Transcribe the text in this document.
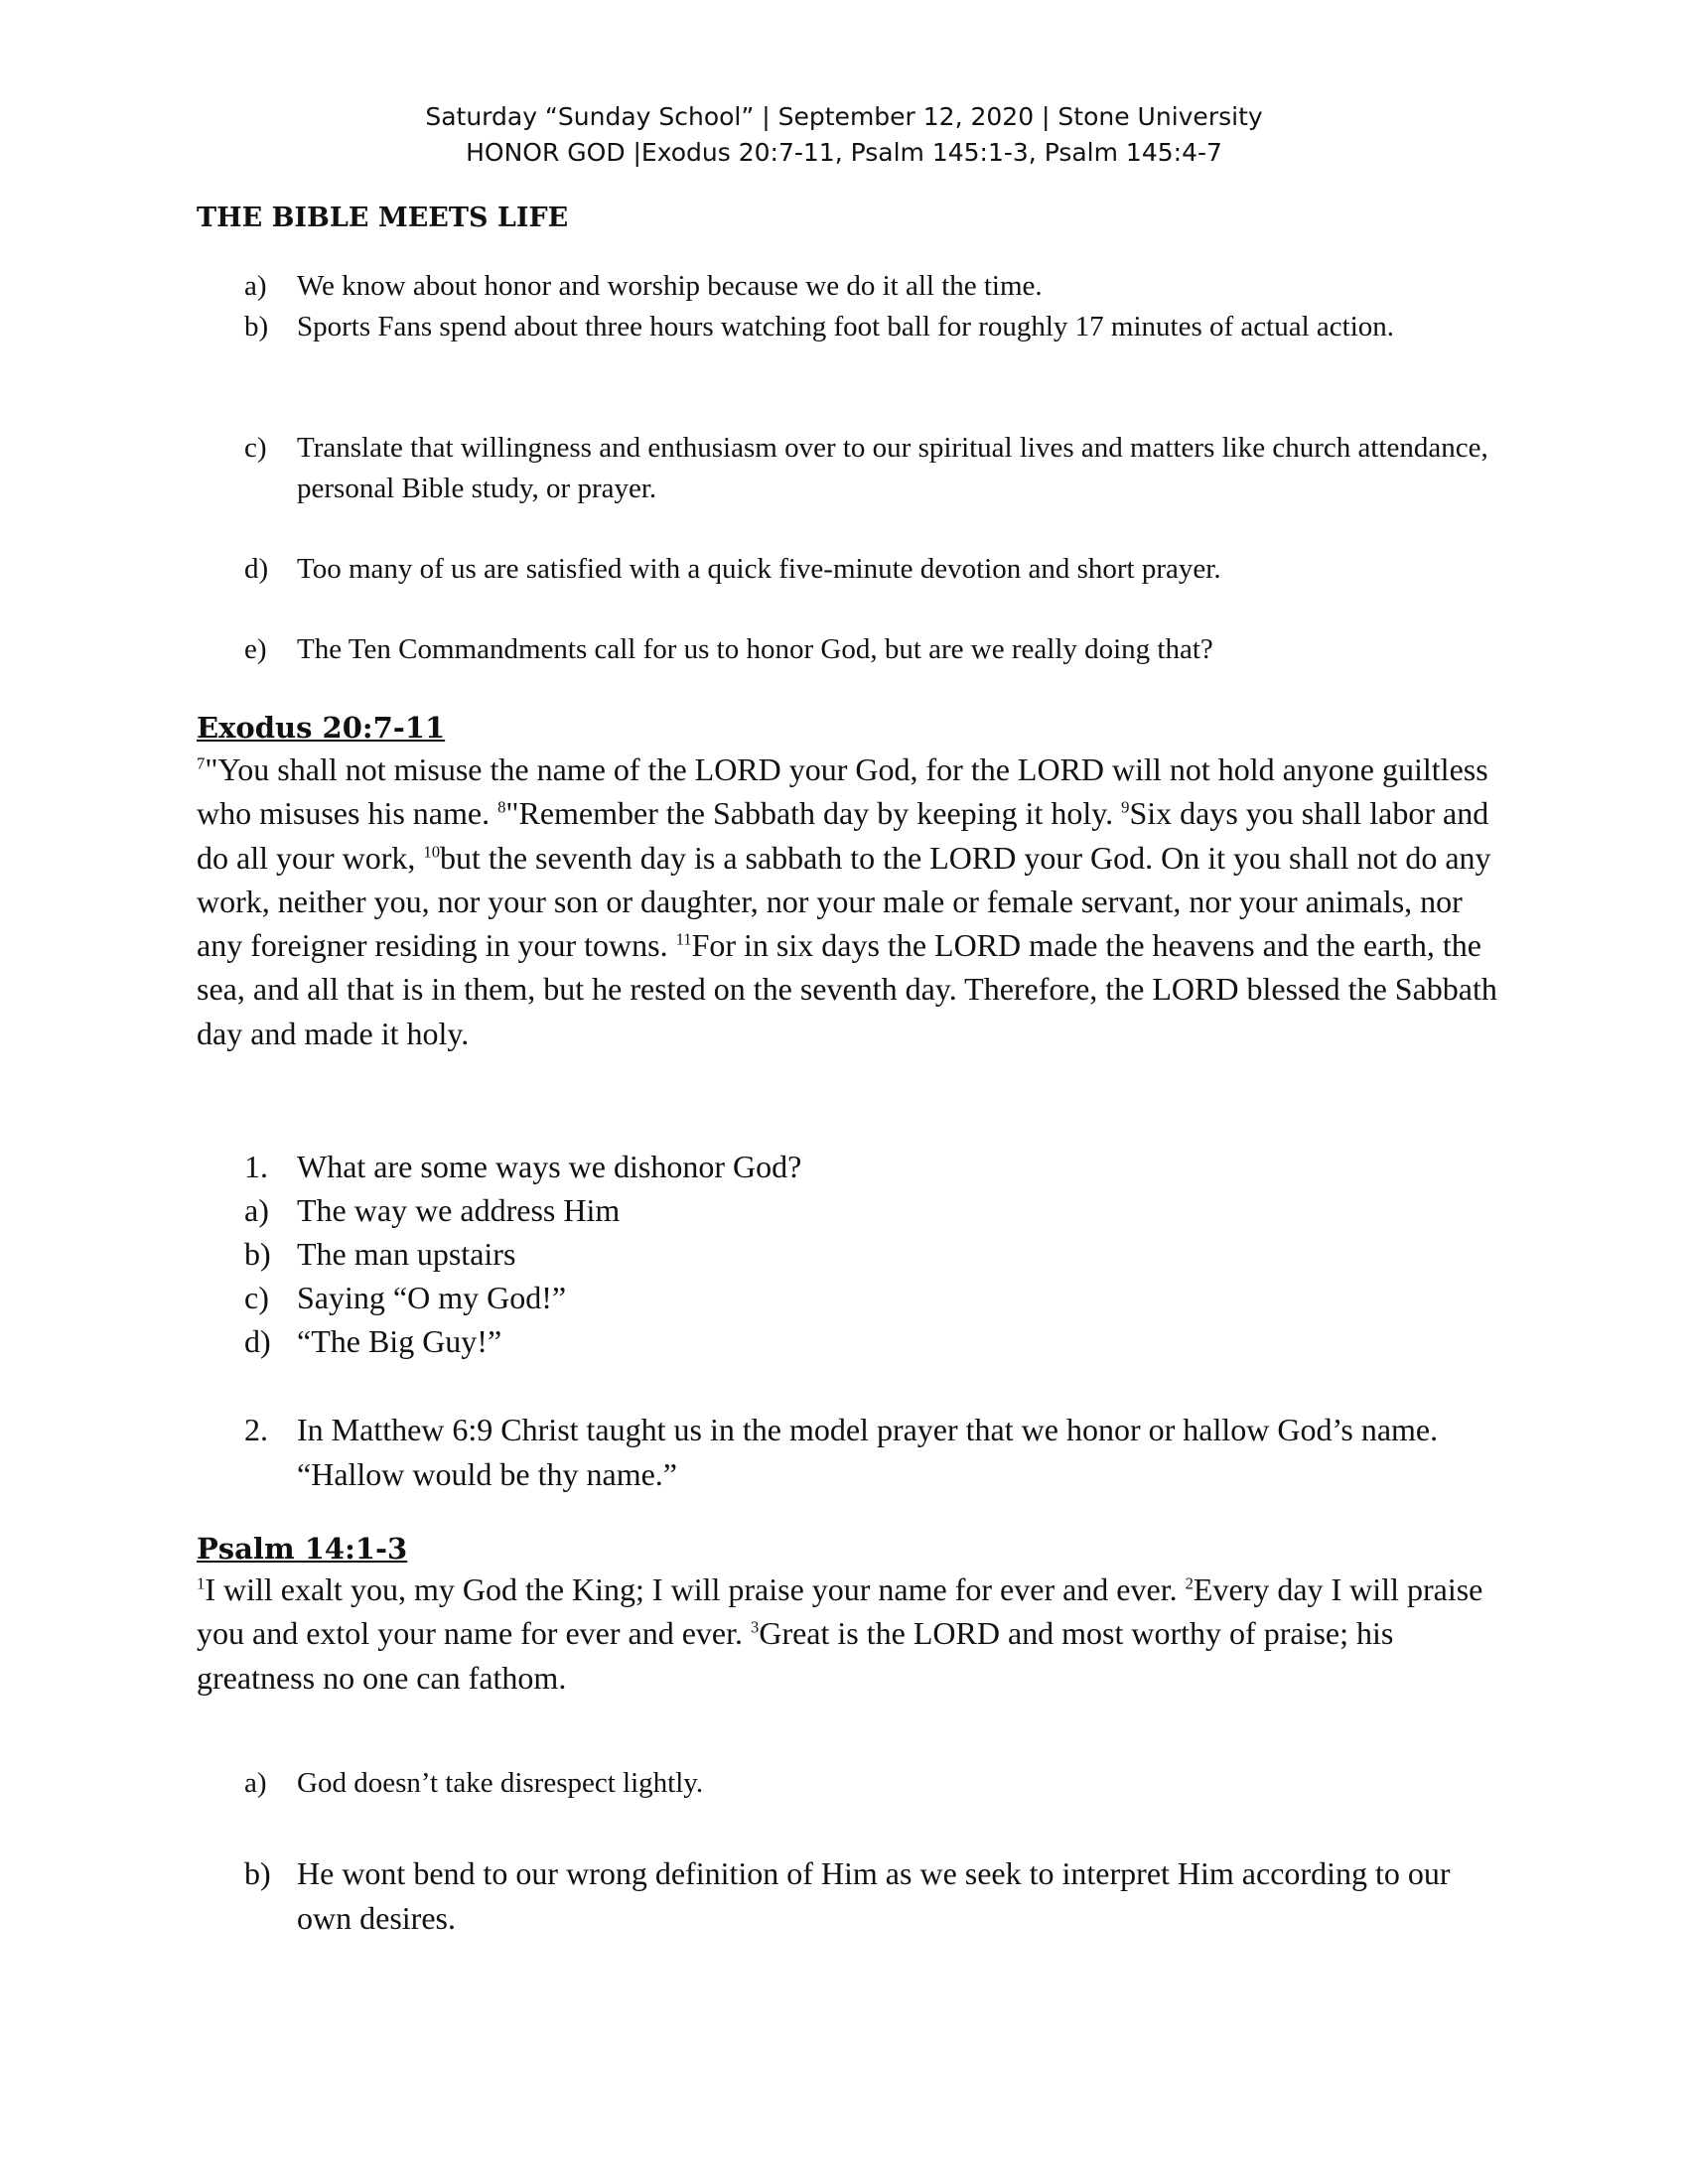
Saturday “Sunday School” | September 12, 2020 | Stone University
HONOR GOD |Exodus 20:7-11, Psalm 145:1-3, Psalm 145:4-7
THE BIBLE MEETS LIFE
a) We know about honor and worship because we do it all the time.
b) Sports Fans spend about three hours watching foot ball for roughly 17 minutes of actual action.
c) Translate that willingness and enthusiasm over to our spiritual lives and matters like church attendance, personal Bible study, or prayer.
d) Too many of us are satisfied with a quick five-minute devotion and short prayer.
e) The Ten Commandments call for us to honor God, but are we really doing that?
Exodus 20:7-11

$^7$"You shall not misuse the name of the LORD your God, for the LORD will not hold anyone guiltless who misuses his name. $^8$"Remember the Sabbath day by keeping it holy. $^9$Six days you shall labor and do all your work, $^{10}$but the seventh day is a sabbath to the LORD your God. On it you shall not do any work, neither you, nor your son or daughter, nor your male or female servant, nor your animals, nor any foreigner residing in your towns. $^{11}$For in six days the LORD made the heavens and the earth, the sea, and all that is in them, but he rested on the seventh day. Therefore, the LORD blessed the Sabbath day and made it holy.

1. What are some ways we dishonor God?
a) The way we address Him
b) The man upstairs
c) Saying “O my God!”
d) “The Big Guy!”
2. In Matthew 6:9 Christ taught us in the model prayer that we honor or hallow God’s name. “Hallow would be thy name.”
Psalm 14:1-3

$^1$I will exalt you, my God the King; I will praise your name for ever and ever. $^2$Every day I will praise you and extol your name for ever and ever. $^3$Great is the LORD and most worthy of praise; his greatness no one can fathom.

a) God doesn’t take disrespect lightly.
b) He wont bend to our wrong definition of Him as we seek to interpret Him according to our own desires.
